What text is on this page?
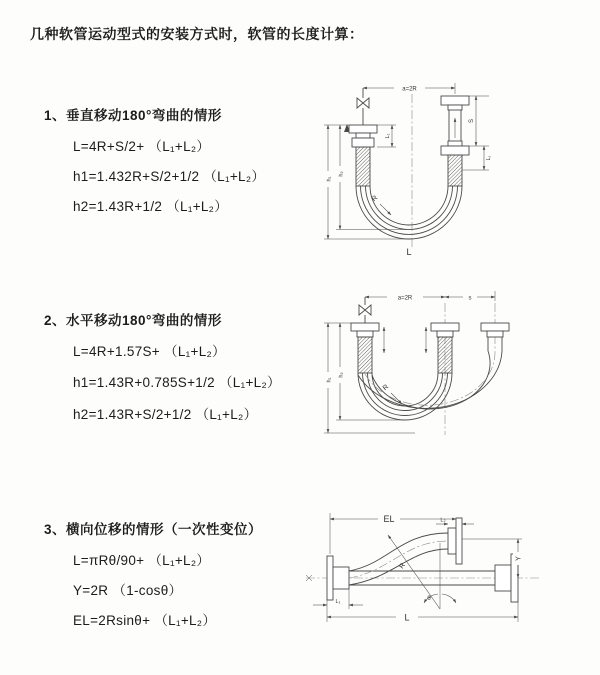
几种软管运动型式的安装方式时，软管的长度计算：
1、垂直移动180°弯曲的情形
L=4R+S/2+ （L₁+L₂）
h1=1.432R+S/2+1/2 （L₁+L₂）
h2=1.43R+1/2 （L₁+L₂）
a=2R
L₁
S
L₂
h₁
h₂
R
L
2、水平移动180°弯曲的情形
L=4R+1.57S+ （L₁+L₂）
h1=1.43R+0.785S+1/2 （L₁+L₂）
h2=1.43R+S/2+1/2 （L₁+L₂）
a=2R	s
h₁
h₂
R
3、横向位移的情形（一次性变位）
L=πRθ/90+ （L₁+L₂）
Y=2R （1-cosθ）
EL=2Rsinθ+ （L₁+L₂）
EL	L₂
Y
θ
R
L₁
L
